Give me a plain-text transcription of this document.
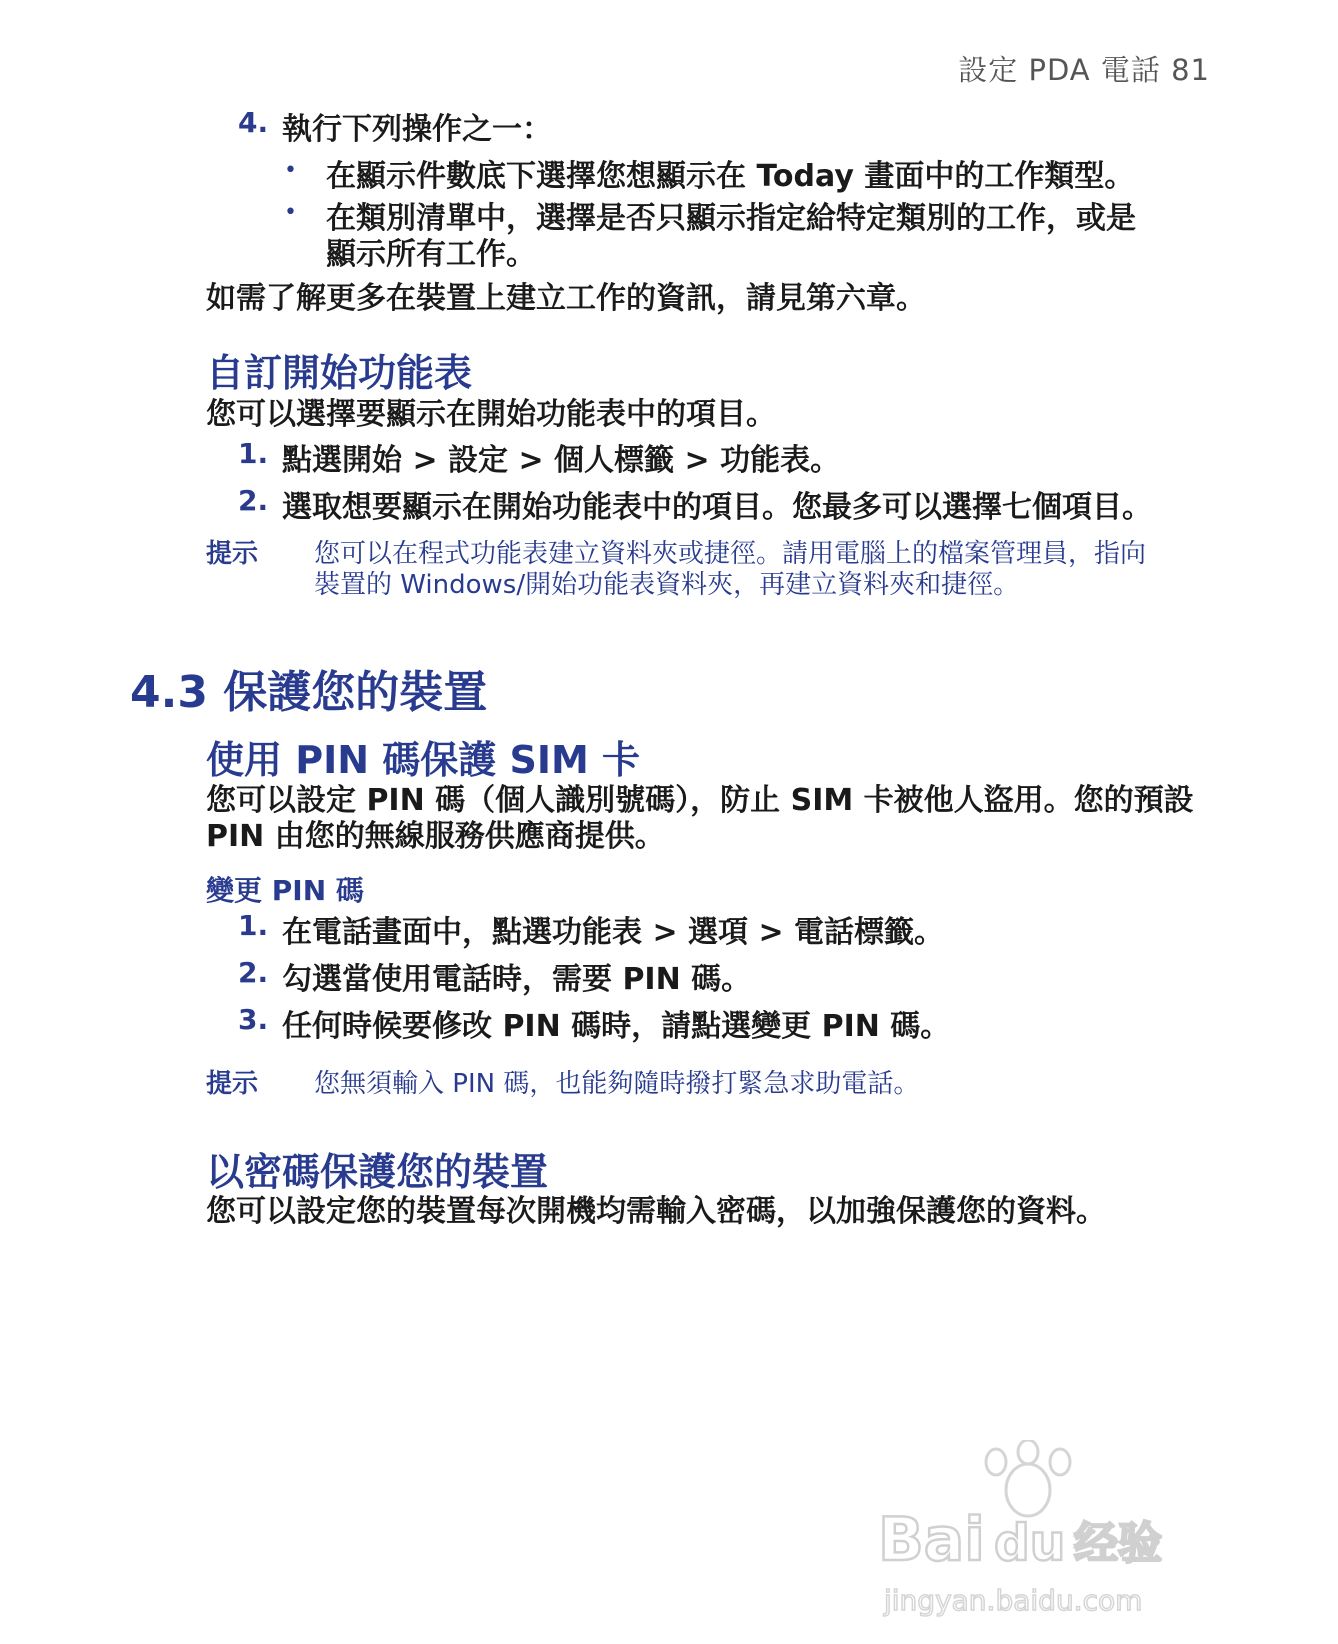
設定 PDA 電話 81
4. 執行下列操作之一：
• 在顯示件數底下選擇您想顯示在 Today 畫面中的工作類型。
• 在類別清單中，選擇是否只顯示指定給特定類別的工作，或是
顯示所有工作。
如需了解更多在裝置上建立工作的資訊，請見第六章。
自訂開始功能表
您可以選擇要顯示在開始功能表中的項目。
1. 點選開始 > 設定 > 個人標籤 > 功能表。
2. 選取想要顯示在開始功能表中的項目。您最多可以選擇七個項目。
提示 您可以在程式功能表建立資料夾或捷徑。請用電腦上的檔案管理員，指向
裝置的 Windows/開始功能表資料夾，再建立資料夾和捷徑。
4.3 保護您的裝置
使用 PIN 碼保護 SIM 卡
您可以設定 PIN 碼（個人識別號碼），防止 SIM 卡被他人盜用。您的預設
PIN 由您的無線服務供應商提供。
變更 PIN 碼
1. 在電話畫面中，點選功能表 > 選項 > 電話標籤。
2. 勾選當使用電話時，需要 PIN 碼。
3. 任何時候要修改 PIN 碼時，請點選變更 PIN 碼。
提示 您無須輸入 PIN 碼，也能夠隨時撥打緊急求助電話。
以密碼保護您的裝置
您可以設定您的裝置每次開機均需輸入密碼，以加強保護您的資料。
Bai du 经验
jingyan.baidu.com
